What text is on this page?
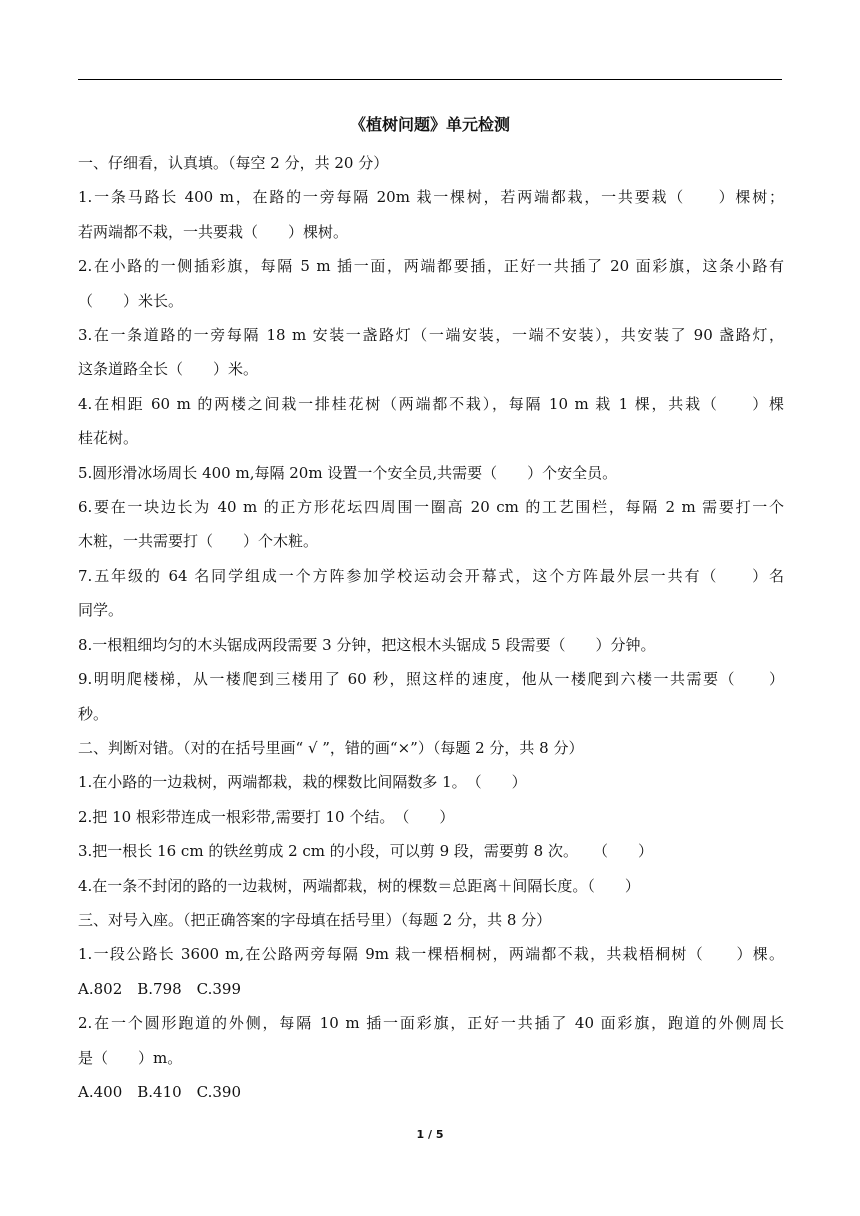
《植树问题》单元检测
一、仔细看，认真填。（每空 2 分，共 20 分）
1.一条马路长 400 m，在路的一旁每隔 20m 栽一棵树，若两端都栽，一共要栽（　　）棵树；
若两端都不栽，一共要栽（　　）棵树。
2.在小路的一侧插彩旗，每隔 5 m 插一面，两端都要插，正好一共插了 20 面彩旗，这条小路有
（　　）米长。
3.在一条道路的一旁每隔 18 m 安装一盏路灯（一端安装，一端不安装），共安装了 90 盏路灯，
这条道路全长（　　）米。
4.在相距 60 m 的两楼之间栽一排桂花树（两端都不栽），每隔 10 m 栽 1 棵，共栽（　　）棵
桂花树。
5.圆形滑冰场周长 400 m,每隔 20m 设置一个安全员,共需要（　　）个安全员。
6.要在一块边长为 40 m 的正方形花坛四周围一圈高 20 cm 的工艺围栏，每隔 2 m 需要打一个
木粧，一共需要打（　　）个木粧。
7.五年级的 64 名同学组成一个方阵参加学校运动会开幕式，这个方阵最外层一共有（　　）名
同学。
8.一根粗细均匀的木头锯成两段需要 3 分钟，把这根木头锯成 5 段需要（　　）分钟。
9.明明爬楼梯，从一楼爬到三楼用了 60 秒，照这样的速度，他从一楼爬到六楼一共需要（　　）
秒。
二、判断对错。（对的在括号里画“ √ ”，错的画“×”）（每题 2 分，共 8 分）
1.在小路的一边栽树，两端都栽，栽的棵数比间隔数多 1。　（　　）
2.把 10 根彩带连成一根彩带,需要打 10 个结。　（　　）
3.把一根长 16 cm 的铁丝剪成 2 cm 的小段，可以剪 9 段，需要剪 8 次。　　（　　）
4.在一条不封闭的路的一边栽树，两端都栽，树的棵数＝总距离＋间隔长度。（　　）
三、对号入座。（把正确答案的字母填在括号里）（每题 2 分，共 8 分）
1.一段公路长 3600 m,在公路两旁每隔 9m 栽一棵梧桐树，两端都不栽，共栽梧桐树（　　）棵。
A.802　B.798　C.399
2.在一个圆形跑道的外侧，每隔 10 m 插一面彩旗，正好一共插了 40 面彩旗，跑道的外侧周长
是（　　）m。
A.400　B.410　C.390
1 / 5
